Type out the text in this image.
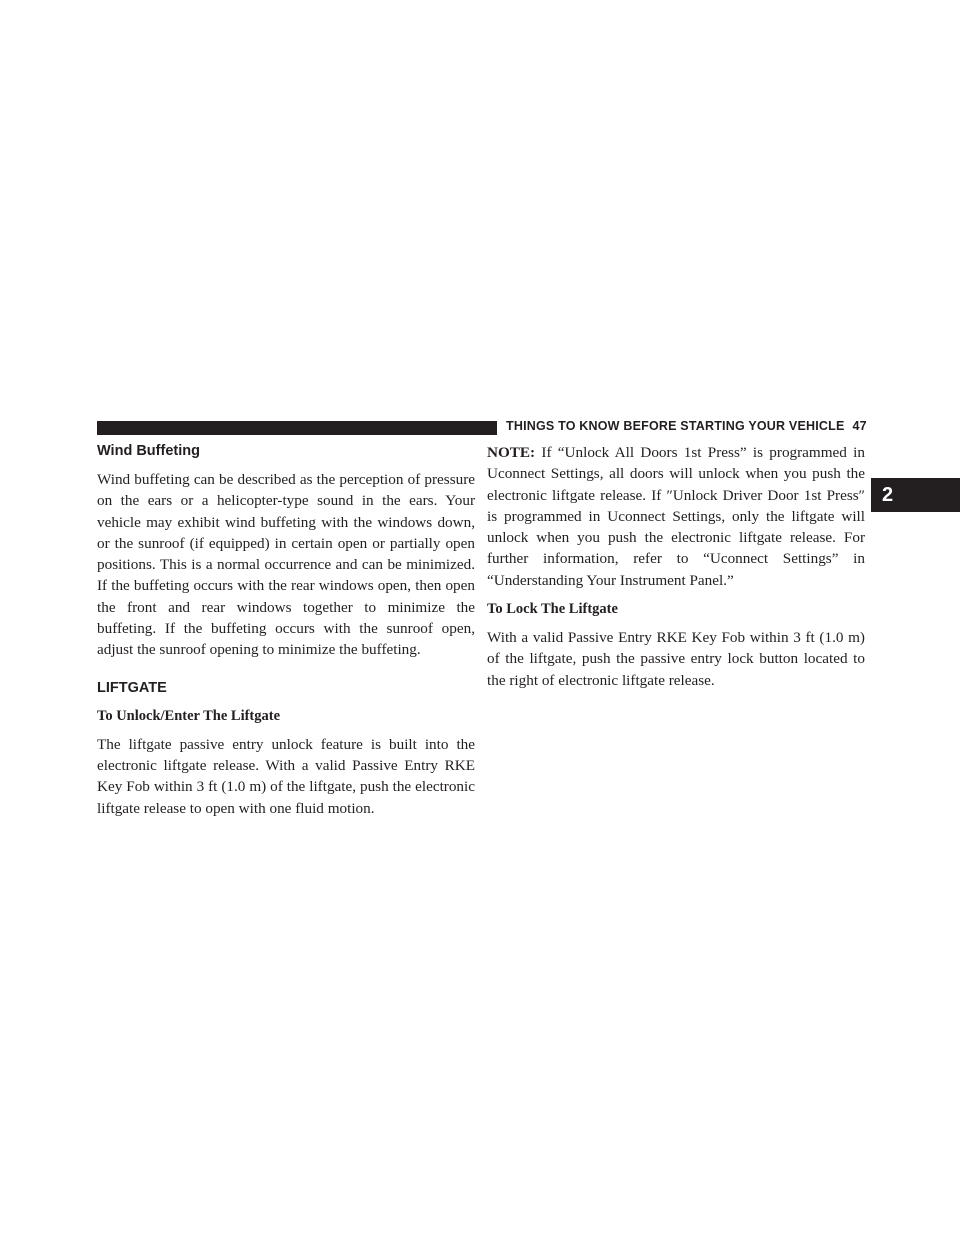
THINGS TO KNOW BEFORE STARTING YOUR VEHICLE 47
2
Wind Buffeting

Wind buffeting can be described as the perception of pressure on the ears or a helicopter-type sound in the ears. Your vehicle may exhibit wind buffeting with the windows down, or the sunroof (if equipped) in certain open or partially open positions. This is a normal occurrence and can be minimized. If the buffeting occurs with the rear windows open, then open the front and rear windows together to minimize the buffeting. If the buffeting occurs with the sunroof open, adjust the sunroof opening to minimize the buffeting.

LIFTGATE
To Unlock/Enter The Liftgate

The liftgate passive entry unlock feature is built into the electronic liftgate release. With a valid Passive Entry RKE Key Fob within 3 ft (1.0 m) of the liftgate, push the electronic liftgate release to open with one fluid motion.

NOTE: If “Unlock All Doors 1st Press” is programmed in Uconnect Settings, all doors will unlock when you push the electronic liftgate release. If ″Unlock Driver Door 1st Press″ is programmed in Uconnect Settings, only the liftgate will unlock when you push the electronic liftgate release. For further information, refer to “Uconnect Settings” in “Understanding Your Instrument Panel.”

To Lock The Liftgate

With a valid Passive Entry RKE Key Fob within 3 ft (1.0 m) of the liftgate, push the passive entry lock button located to the right of electronic liftgate release.
